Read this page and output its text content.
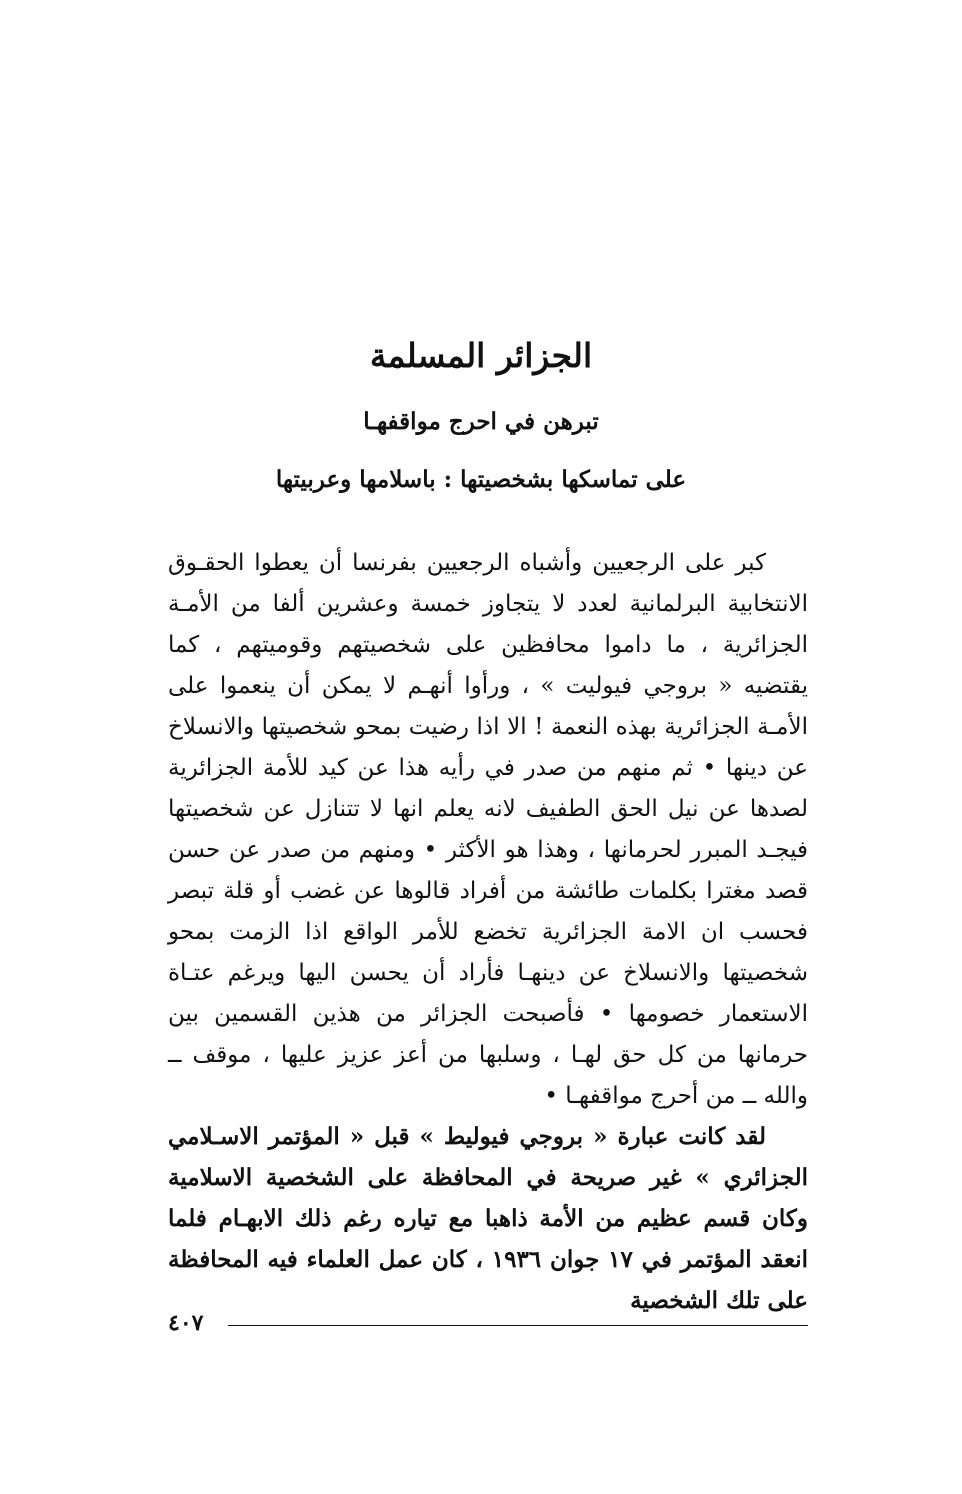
الجزائر المسلمة
تبرهن في احرج مواقفهـا
على تماسكها بشخصيتها : باسلامها وعربيتها

كبر على الرجعيين وأشباه الرجعيين بفرنسا أن يعطوا الحقـوق الانتخابية البرلمانية لعدد لا يتجاوز خمسة وعشرين ألفا من الأمـة الجزائرية ، ما داموا محافظين على شخصيتهم وقوميتهم ، كما يقتضيه « بروجي فيوليت » ، ورأوا أنهـم لا يمكن أن ينعموا على الأمـة الجزائرية بهذه النعمة ! الا اذا رضيت بمحو شخصيتها والانسلاخ عن دينها • ثم منهم من صدر في رأيه هذا عن كيد للأمة الجزائرية لصدها عن نيل الحق الطفيف لانه يعلم انها لا تتنازل عن شخصيتها فيجـد المبرر لحرمانها ، وهذا هو الأكثر • ومنهم من صدر عن حسن قصد مغترا بكلمات طائشة من أفراد قالوها عن غضب أو قلة تبصر فحسب ان الامة الجزائرية تخضع للأمر الواقع اذا الزمت بمحو شخصيتها والانسلاخ عن دينهـا فأراد أن يحسن اليها ويرغم عتـاة الاستعمار خصومها • فأصبحت الجزائر من هذين القسمين بين حرمانها من كل حق لهـا ، وسلبها من أعز عزيز عليها ، موقف ــ والله ــ من أحرج مواقفهـا •

لقد كانت عبارة « بروجي فيوليط » قبل « المؤتمر الاسـلامي الجزائري » غير صريحة في المحافظة على الشخصية الاسلامية وكان قسم عظيم من الأمة ذاهبا مع تياره رغم ذلك الابهـام فلما انعقد المؤتمر في ١٧ جوان ١٩٣٦ ، كان عمل العلماء فيه المحافظة على تلك الشخصية

٤٠٧
